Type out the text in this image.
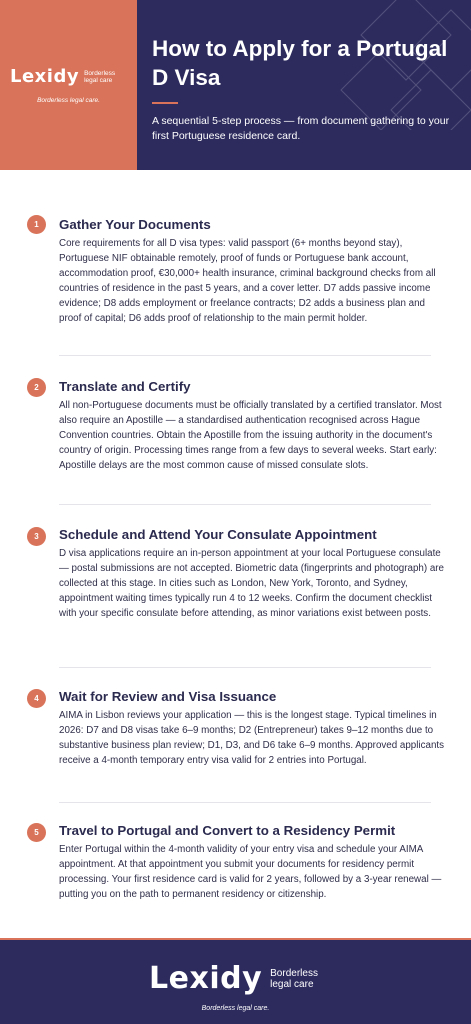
Lexidy Borderless legal care
Borderless legal care.
How to Apply for a Portugal D Visa
A sequential 5-step process — from document gathering to your first Portuguese residence card.
1	Gather Your Documents
Core requirements for all D visa types: valid passport (6+ months beyond stay), Portuguese NIF obtainable remotely, proof of funds or Portuguese bank account, accommodation proof, €30,000+ health insurance, criminal background checks from all countries of residence in the past 5 years, and a cover letter. D7 adds passive income evidence; D8 adds employment or freelance contracts; D2 adds a business plan and proof of capital; D6 adds proof of relationship to the main permit holder.
2	Translate and Certify
All non-Portuguese documents must be officially translated by a certified translator. Most also require an Apostille — a standardised authentication recognised across Hague Convention countries. Obtain the Apostille from the issuing authority in the document's country of origin. Processing times range from a few days to several weeks. Start early: Apostille delays are the most common cause of missed consulate slots.
3	Schedule and Attend Your Consulate Appointment
D visa applications require an in-person appointment at your local Portuguese consulate — postal submissions are not accepted. Biometric data (fingerprints and photograph) are collected at this stage. In cities such as London, New York, Toronto, and Sydney, appointment waiting times typically run 4 to 12 weeks. Confirm the document checklist with your specific consulate before attending, as minor variations exist between posts.
4	Wait for Review and Visa Issuance
AIMA in Lisbon reviews your application — this is the longest stage. Typical timelines in 2026: D7 and D8 visas take 6–9 months; D2 (Entrepreneur) takes 9–12 months due to substantive business plan review; D1, D3, and D6 take 6–9 months. Approved applicants receive a 4-month temporary entry visa valid for 2 entries into Portugal.
5	Travel to Portugal and Convert to a Residency Permit
Enter Portugal within the 4-month validity of your entry visa and schedule your AIMA appointment. At that appointment you submit your documents for residency permit processing. Your first residence card is valid for 2 years, followed by a 3-year renewal — putting you on the path to permanent residency or citizenship.
Lexidy Borderless legal care
Borderless legal care.
